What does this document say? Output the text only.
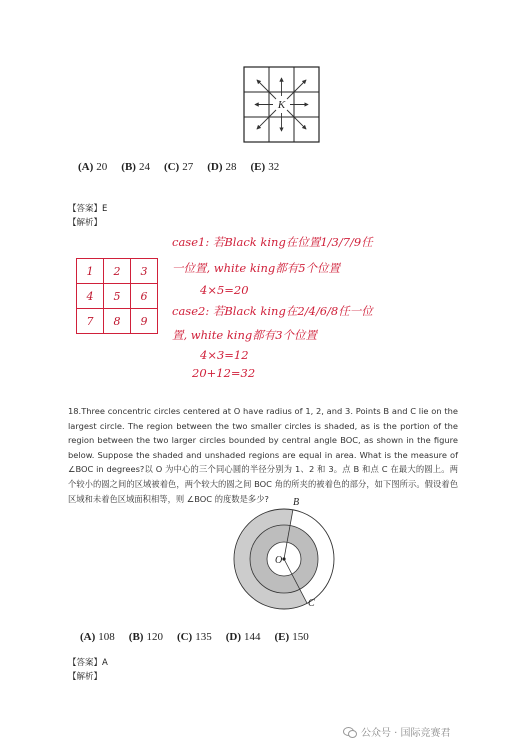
K
(A) 20 (B) 24 (C) 27 (D) 28 (E) 32
【答案】E
【解析】
1	2	3
4	5	6
7	8	9
case1: 若Black king在位置1/3/7/9任
一位置, white king都有5个位置
4×5=20
case2: 若Black king在2/4/6/8任一位
置, white king都有3个位置
4×3=12
20+12=32
18.Three concentric circles centered at O have radius of 1, 2, and 3. Points B and C lie on the largest circle. The region between the two smaller circles is shaded, as is the portion of the region between the two larger circles bounded by central angle BOC, as shown in the figure below. Suppose the shaded and unshaded regions are equal in area. What is the measure of ∠BOC in degrees?以 O 为中心的三个同心圆的半径分别为 1、2 和 3。点 B 和点 C 在最大的圆上。两个较小的圆之间的区域被着色，两个较大的圆之间 BOC 角的所夹的被着色的部分，如下图所示。假设着色区域和未着色区域面积相等，则 ∠BOC 的度数是多少?
O
B
C
(A) 108 (B) 120 (C) 135 (D) 144 (E) 150
【答案】A
【解析】
公众号 · 国际竞赛君
